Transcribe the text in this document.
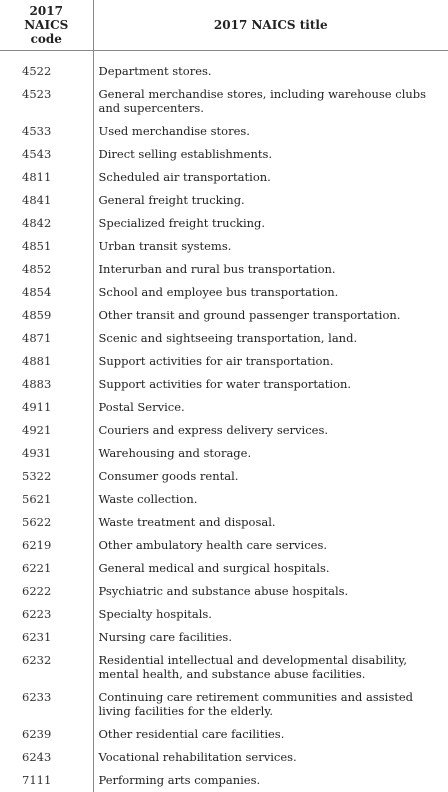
2017
NAICS
code	2017 NAICS title
4522	Department stores.
4523	General merchandise stores, including warehouse clubs and supercenters.
4533	Used merchandise stores.
4543	Direct selling establishments.
4811	Scheduled air transportation.
4841	General freight trucking.
4842	Specialized freight trucking.
4851	Urban transit systems.
4852	Interurban and rural bus transportation.
4854	School and employee bus transportation.
4859	Other transit and ground passenger transportation.
4871	Scenic and sightseeing transportation, land.
4881	Support activities for air transportation.
4883	Support activities for water transportation.
4911	Postal Service.
4921	Couriers and express delivery services.
4931	Warehousing and storage.
5322	Consumer goods rental.
5621	Waste collection.
5622	Waste treatment and disposal.
6219	Other ambulatory health care services.
6221	General medical and surgical hospitals.
6222	Psychiatric and substance abuse hospitals.
6223	Specialty hospitals.
6231	Nursing care facilities.
6232	Residential intellectual and developmental disability, mental health, and substance abuse facilities.
6233	Continuing care retirement communities and assisted living facilities for the elderly.
6239	Other residential care facilities.
6243	Vocational rehabilitation services.
7111	Performing arts companies.
